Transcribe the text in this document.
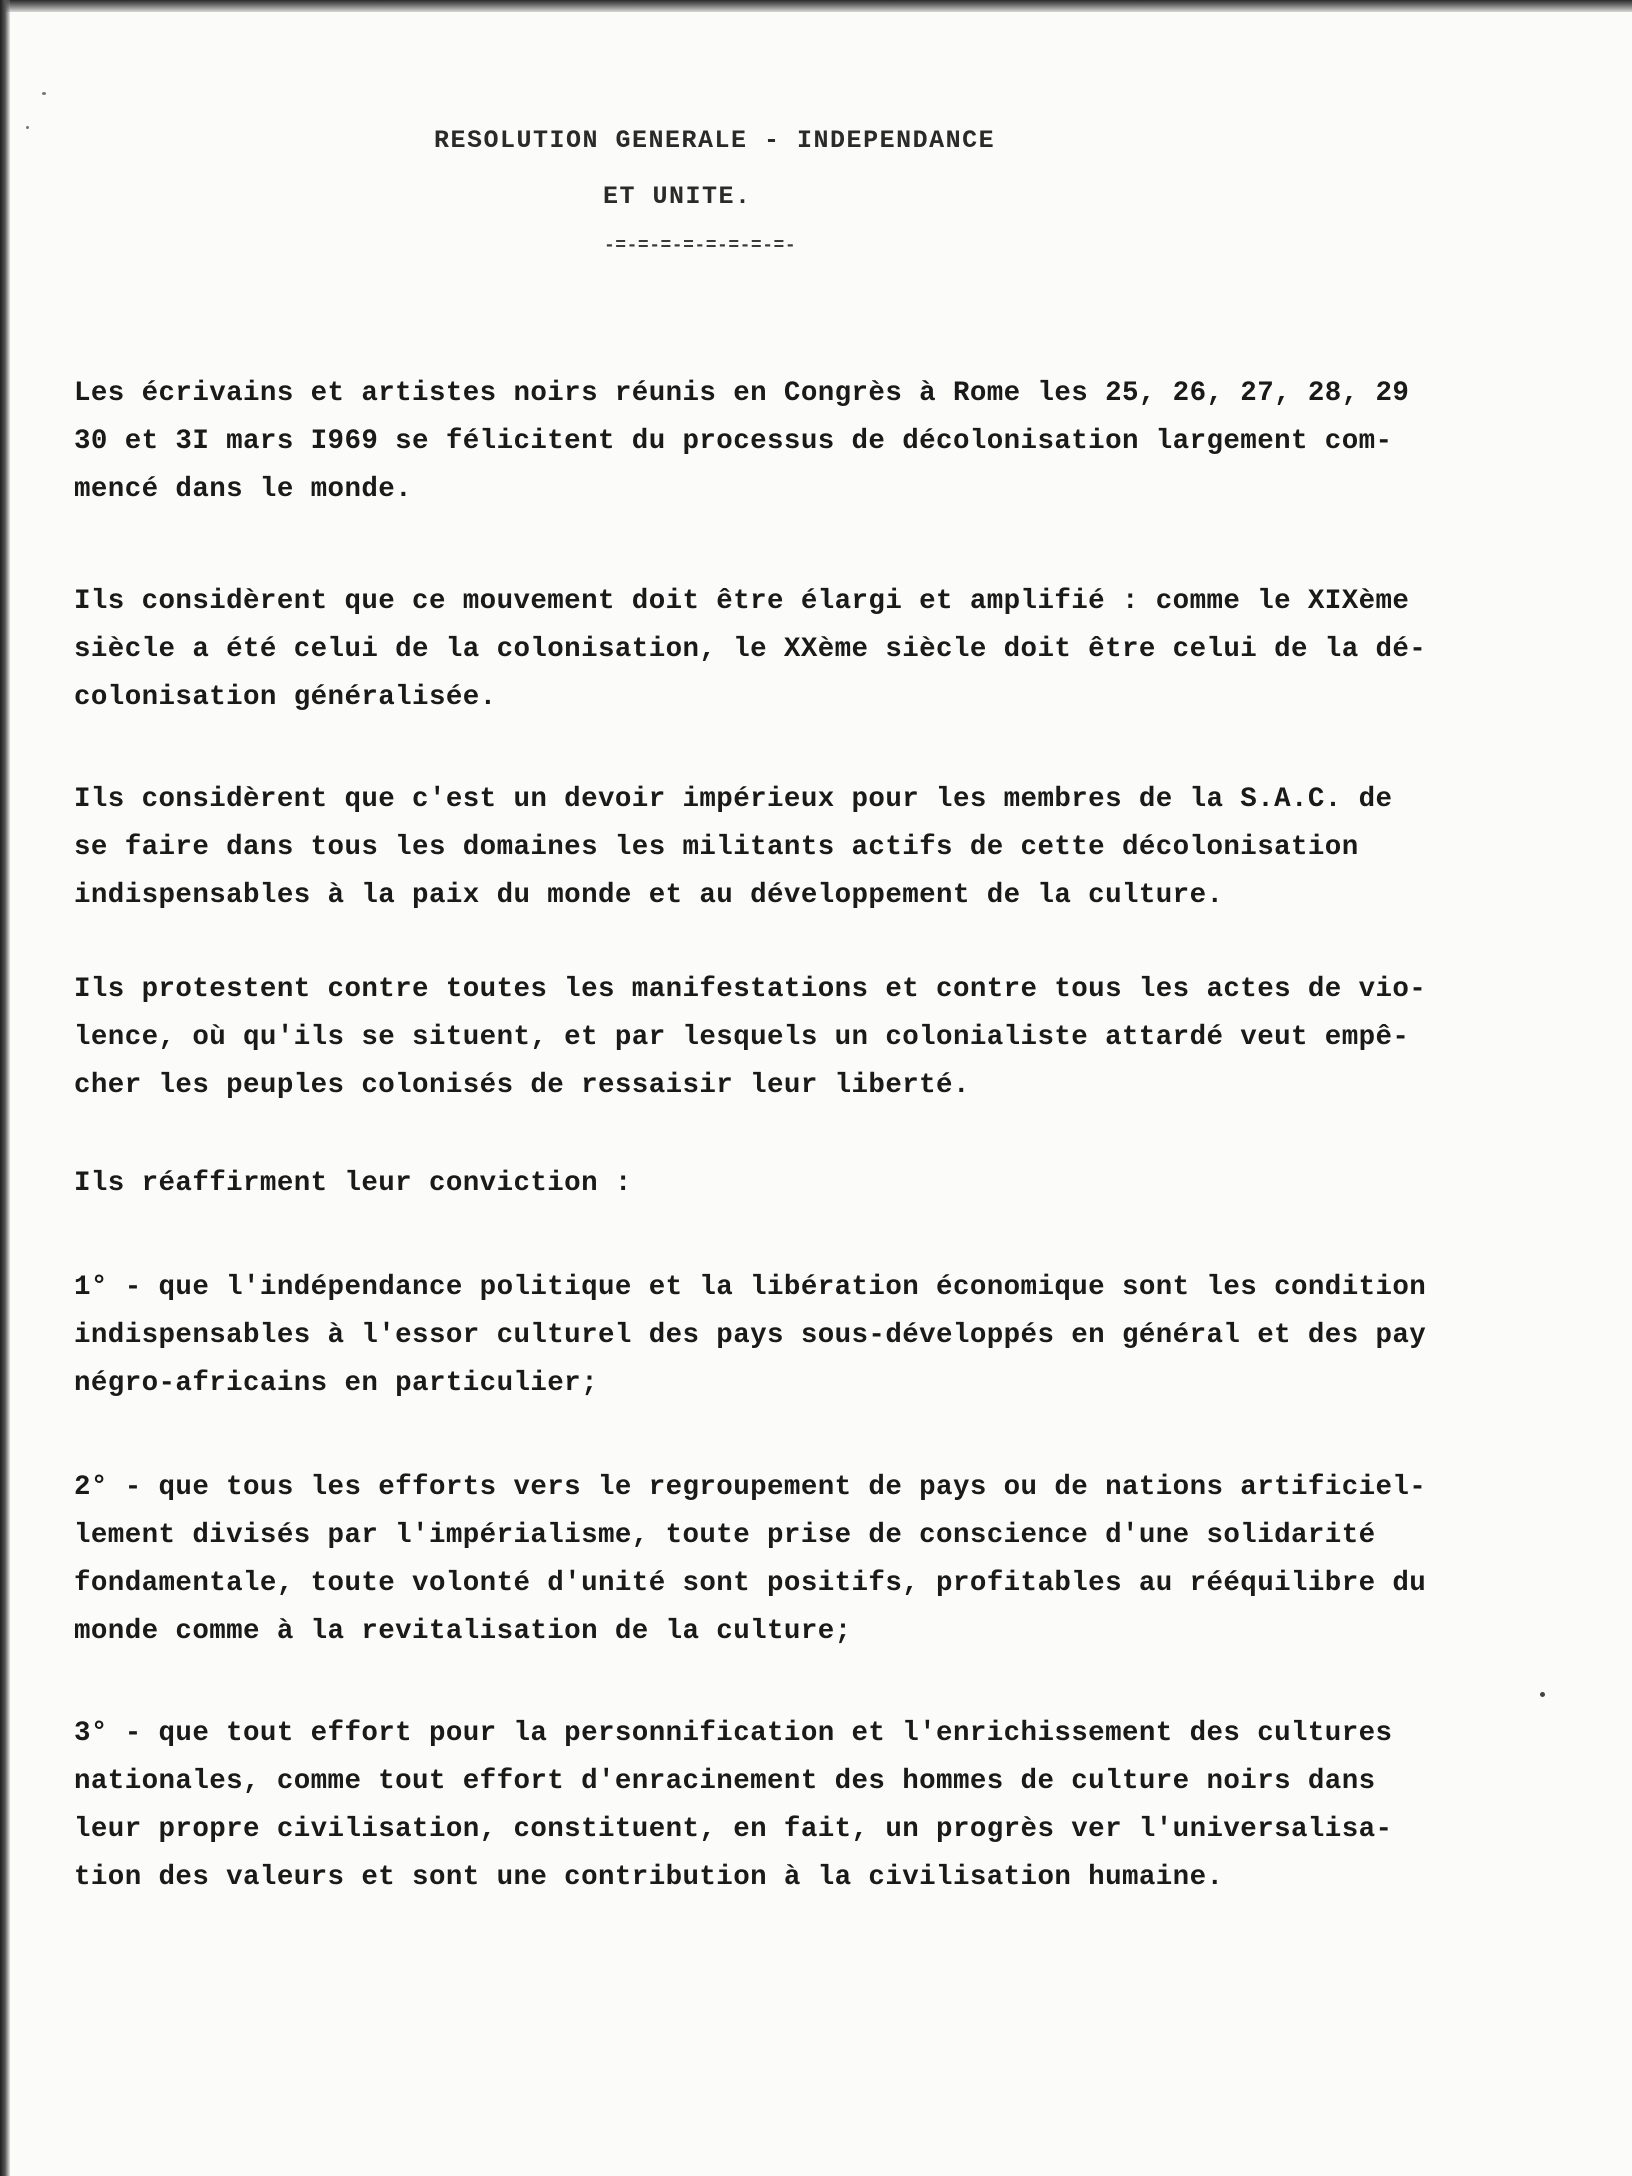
RESOLUTION GENERALE - INDEPENDANCE
ET UNITE.
-=-=-=-=-=-=-=-=-
Les écrivains et artistes noirs réunis en Congrès à Rome les 25, 26, 27, 28, 29
30 et 3I mars I969 se félicitent du processus de décolonisation largement com-
mencé dans le monde.
Ils considèrent que ce mouvement doit être élargi et amplifié : comme le XIXème
siècle a été celui de la colonisation, le XXème siècle doit être celui de la dé-
colonisation généralisée.
Ils considèrent que c'est un devoir impérieux pour les membres de la S.A.C. de
se faire dans tous les domaines les militants actifs de cette décolonisation
indispensables à la paix du monde et au développement de la culture.
Ils protestent contre toutes les manifestations et contre tous les actes de vio-
lence, où qu'ils se situent, et par lesquels un colonialiste attardé veut empê-
cher les peuples colonisés de ressaisir leur liberté.
Ils réaffirment leur conviction :
1° - que l'indépendance politique et la libération économique sont les condition
indispensables à l'essor culturel des pays sous-développés en général et des pay
négro-africains en particulier;
2° - que tous les efforts vers le regroupement de pays ou de nations artificiel-
lement divisés par l'impérialisme, toute prise de conscience d'une solidarité
fondamentale, toute volonté d'unité sont positifs, profitables au rééquilibre du
monde comme à la revitalisation de la culture;
3° - que tout effort pour la personnification et l'enrichissement des cultures
nationales, comme tout effort d'enracinement des hommes de culture noirs dans
leur propre civilisation, constituent, en fait, un progrès ver l'universalisa-
tion des valeurs et sont une contribution à la civilisation humaine.
